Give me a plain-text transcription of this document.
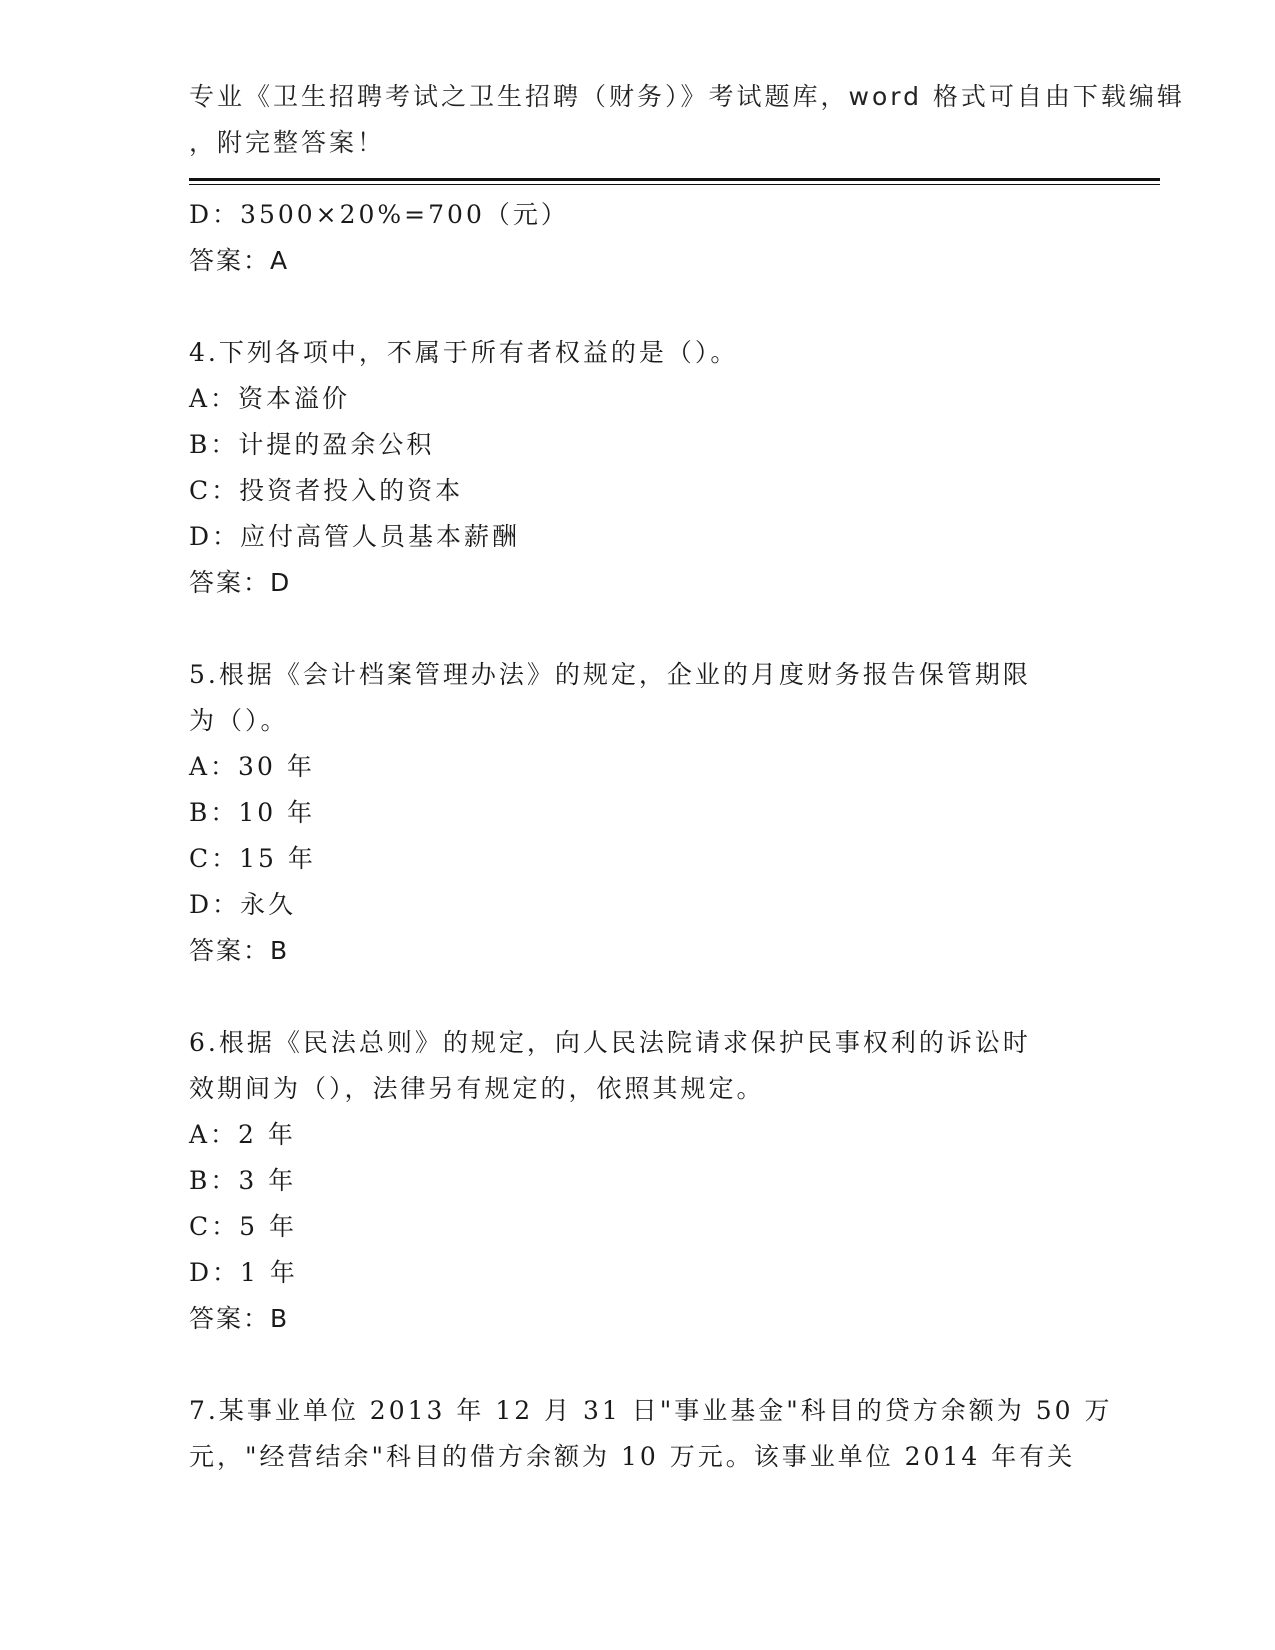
专业《卫生招聘考试之卫生招聘（财务）》考试题库，word 格式可自由下载编辑
，附完整答案！
D：3500×20%=700（元）
答案：A
4.下列各项中，不属于所有者权益的是（）。
A：资本溢价
B：计提的盈余公积
C：投资者投入的资本
D：应付高管人员基本薪酬
答案：D
5.根据《会计档案管理办法》的规定，企业的月度财务报告保管期限
为（）。
A：30 年
B：10 年
C：15 年
D：永久
答案：B
6.根据《民法总则》的规定，向人民法院请求保护民事权利的诉讼时
效期间为（），法律另有规定的，依照其规定。
A：2 年
B：3 年
C：5 年
D：1 年
答案：B
7.某事业单位 2013 年 12 月 31 日"事业基金"科目的贷方余额为 50 万
元，"经营结余"科目的借方余额为 10 万元。该事业单位 2014 年有关
